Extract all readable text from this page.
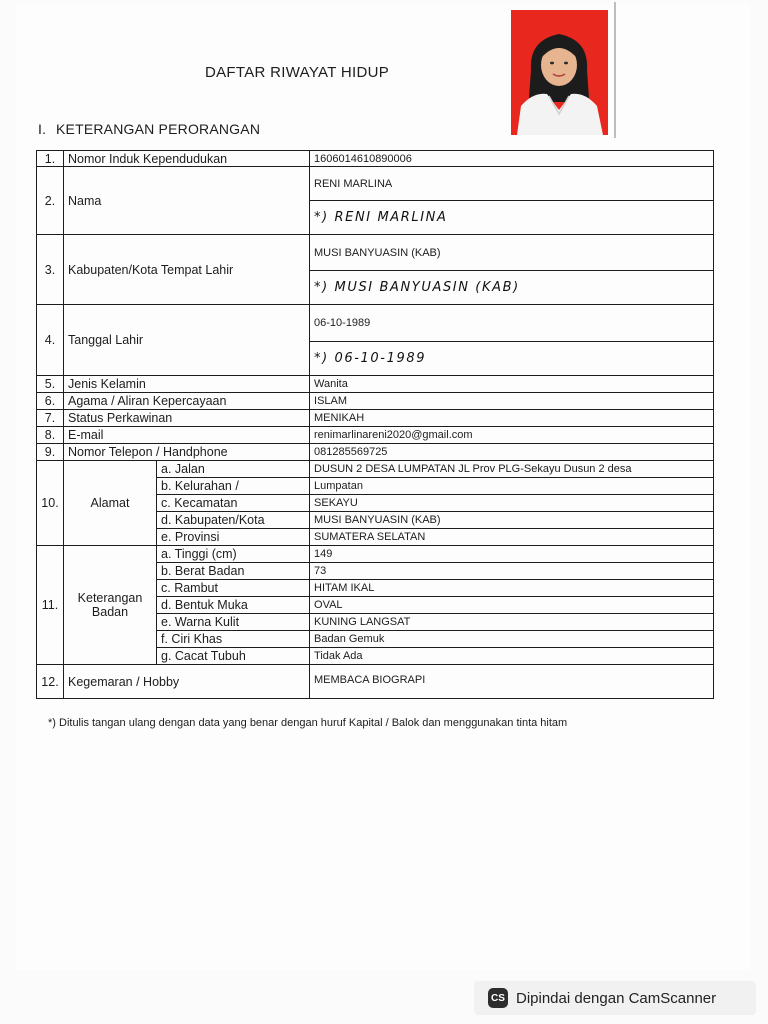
DAFTAR RIWAYAT HIDUP
I. KETERANGAN PERORANGAN
1.	Nomor Induk Kependudukan		1606014610890006
2.	Nama		RENI MARLINA
			*) RENI MARLINA
3.	Kabupaten/Kota Tempat Lahir		MUSI BANYUASIN (KAB)
			*) MUSI BANYUASIN (KAB)
4.	Tanggal Lahir		06-10-1989
			*) 06-10-1989
5.	Jenis Kelamin		Wanita
6.	Agama / Aliran Kepercayaan		ISLAM
7.	Status Perkawinan		MENIKAH
8.	E-mail		renimarlinareni2020@gmail.com
9.	Nomor Telepon / Handphone		081285569725
10.	Alamat	a. Jalan	DUSUN 2 DESA LUMPATAN JL Prov PLG-Sekayu Dusun 2 desa
		b. Kelurahan /	Lumpatan
		c. Kecamatan	SEKAYU
		d. Kabupaten/Kota	MUSI BANYUASIN (KAB)
		e. Provinsi	SUMATERA SELATAN
11.	Keterangan
Badan	a. Tinggi (cm)	149
		b. Berat Badan	73
		c. Rambut	HITAM IKAL
		d. Bentuk Muka	OVAL
		e. Warna Kulit	KUNING LANGSAT
		f. Ciri Khas	Badan Gemuk
		g. Cacat Tubuh	Tidak Ada
12.	Kegemaran / Hobby		MEMBACA BIOGRAPI
*) Ditulis tangan ulang dengan data yang benar dengan huruf Kapital / Balok dan menggunakan tinta hitam
CS Dipindai dengan CamScanner
